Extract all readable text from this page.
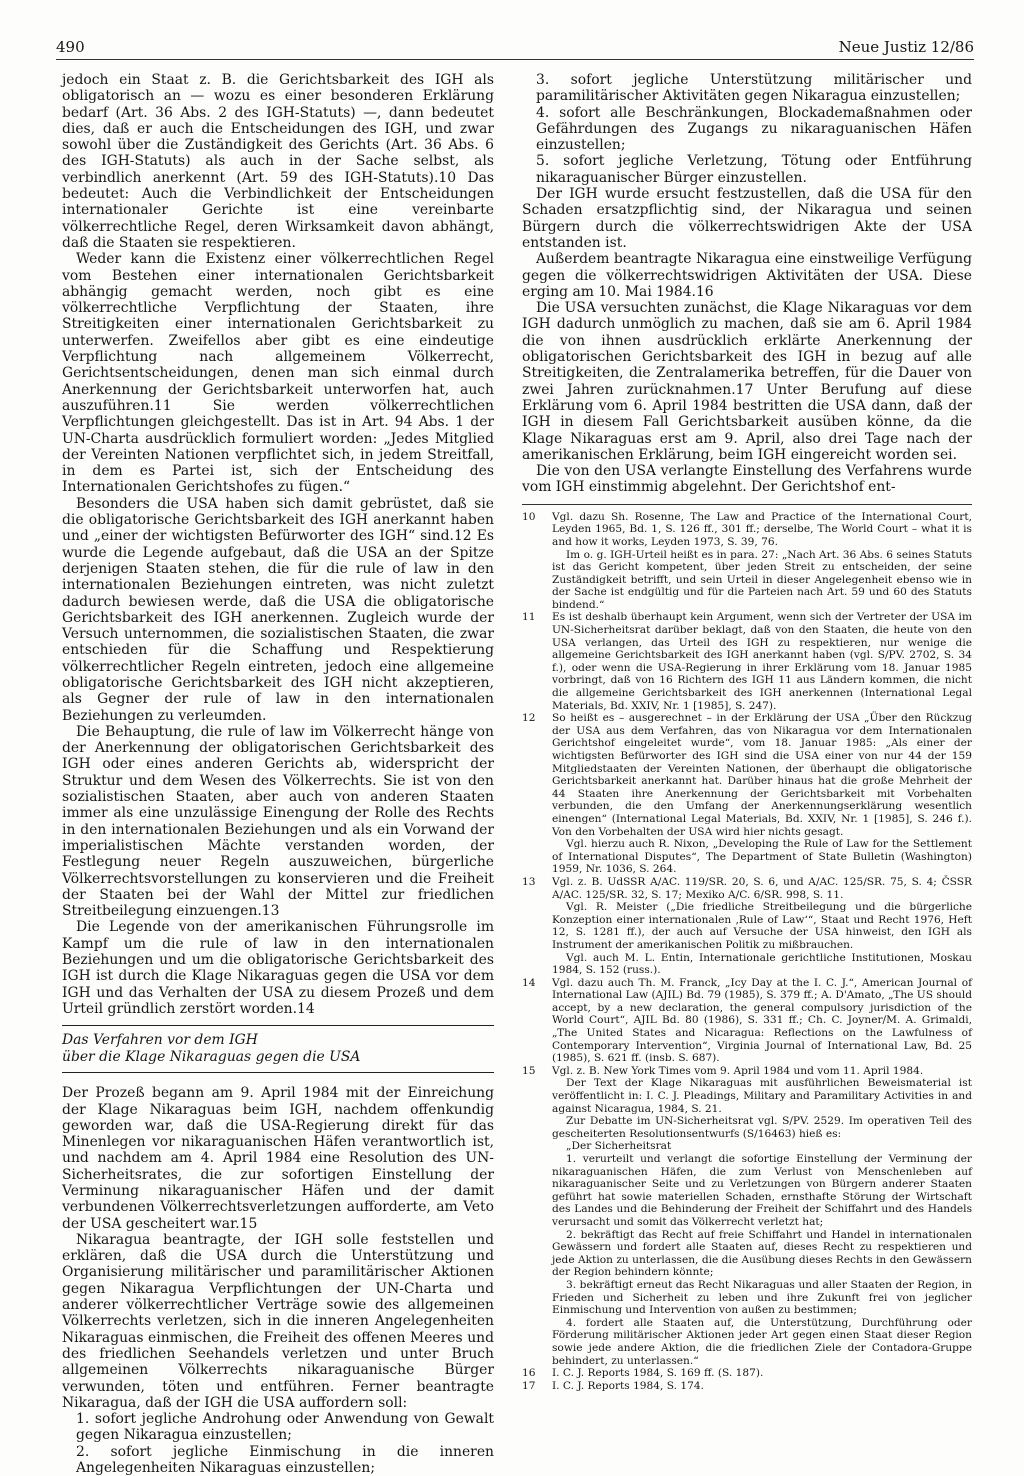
490	Neue Justiz 12/86

jedoch ein Staat z. B. die Gerichtsbarkeit des IGH als obligatorisch an — wozu es einer besonderen Erklärung bedarf (Art. 36 Abs. 2 des IGH-Statuts) —, dann bedeutet dies, daß er auch die Entscheidungen des IGH, und zwar sowohl über die Zuständigkeit des Gerichts (Art. 36 Abs. 6 des IGH-Statuts) als auch in der Sache selbst, als verbindlich anerkennt (Art. 59 des IGH-Statuts).10 Das bedeutet: Auch die Verbindlichkeit der Entscheidungen internationaler Gerichte ist eine vereinbarte völkerrechtliche Regel, deren Wirksamkeit davon abhängt, daß die Staaten sie respektieren.

Weder kann die Existenz einer völkerrechtlichen Regel vom Bestehen einer internationalen Gerichtsbarkeit abhängig gemacht werden, noch gibt es eine völkerrechtliche Verpflichtung der Staaten, ihre Streitigkeiten einer internationalen Gerichtsbarkeit zu unterwerfen. Zweifellos aber gibt es eine eindeutige Verpflichtung nach allgemeinem Völkerrecht, Gerichtsentscheidungen, denen man sich einmal durch Anerkennung der Gerichtsbarkeit unterworfen hat, auch auszuführen.11 Sie werden völkerrechtlichen Verpflichtungen gleichgestellt. Das ist in Art. 94 Abs. 1 der UN-Charta ausdrücklich formuliert worden: „Jedes Mitglied der Vereinten Nationen verpflichtet sich, in jedem Streitfall, in dem es Partei ist, sich der Entscheidung des Internationalen Gerichtshofes zu fügen.“

Besonders die USA haben sich damit gebrüstet, daß sie die obligatorische Gerichtsbarkeit des IGH anerkannt haben und „einer der wichtigsten Befürworter des IGH“ sind.12 Es wurde die Legende aufgebaut, daß die USA an der Spitze derjenigen Staaten stehen, die für die rule of law in den internationalen Beziehungen eintreten, was nicht zuletzt dadurch bewiesen werde, daß die USA die obligatorische Gerichtsbarkeit des IGH anerkennen. Zugleich wurde der Versuch unternommen, die sozialistischen Staaten, die zwar entschieden für die Schaffung und Respektierung völkerrechtlicher Regeln eintreten, jedoch eine allgemeine obligatorische Gerichtsbarkeit des IGH nicht akzeptieren, als Gegner der rule of law in den internationalen Beziehungen zu verleumden.

Die Behauptung, die rule of law im Völkerrecht hänge von der Anerkennung der obligatorischen Gerichtsbarkeit des IGH oder eines anderen Gerichts ab, widerspricht der Struktur und dem Wesen des Völkerrechts. Sie ist von den sozialistischen Staaten, aber auch von anderen Staaten immer als eine unzulässige Einengung der Rolle des Rechts in den internationalen Beziehungen und als ein Vorwand der imperialistischen Mächte verstanden worden, der Festlegung neuer Regeln auszuweichen, bürgerliche Völkerrechtsvorstellungen zu konservieren und die Freiheit der Staaten bei der Wahl der Mittel zur friedlichen Streitbeilegung einzuengen.13

Die Legende von der amerikanischen Führungsrolle im Kampf um die rule of law in den internationalen Beziehungen und um die obligatorische Gerichtsbarkeit des IGH ist durch die Klage Nikaraguas gegen die USA vor dem IGH und das Verhalten der USA zu diesem Prozeß und dem Urteil gründlich zerstört worden.14

Das Verfahren vor dem IGH
über die Klage Nikaraguas gegen die USA

Der Prozeß begann am 9. April 1984 mit der Einreichung der Klage Nikaraguas beim IGH, nachdem offenkundig geworden war, daß die USA-Regierung direkt für das Minenlegen vor nikaraguanischen Häfen verantwortlich ist, und nachdem am 4. April 1984 eine Resolution des UN-Sicherheitsrates, die zur sofortigen Einstellung der Verminung nikaraguanischer Häfen und der damit verbundenen Völkerrechtsverletzungen aufforderte, am Veto der USA gescheitert war.15

Nikaragua beantragte, der IGH solle feststellen und erklären, daß die USA durch die Unterstützung und Organisierung militärischer und paramilitärischer Aktionen gegen Nikaragua Verpflichtungen der UN-Charta und anderer völkerrechtlicher Verträge sowie des allgemeinen Völkerrechts verletzen, sich in die inneren Angelegenheiten Nikaraguas einmischen, die Freiheit des offenen Meeres und des friedlichen Seehandels verletzen und unter Bruch allgemeinen Völkerrechts nikaraguanische Bürger verwunden, töten und entführen. Ferner beantragte Nikaragua, daß der IGH die USA auffordern soll:

1. sofort jegliche Androhung oder Anwendung von Gewalt gegen Nikaragua einzustellen;

2. sofort jegliche Einmischung in die inneren Angelegenheiten Nikaraguas einzustellen;

3. sofort jegliche Unterstützung militärischer und paramilitärischer Aktivitäten gegen Nikaragua einzustellen;

4. sofort alle Beschränkungen, Blockademaßnahmen oder Gefährdungen des Zugangs zu nikaraguanischen Häfen einzustellen;

5. sofort jegliche Verletzung, Tötung oder Entführung nikaraguanischer Bürger einzustellen.

Der IGH wurde ersucht festzustellen, daß die USA für den Schaden ersatzpflichtig sind, der Nikaragua und seinen Bürgern durch die völkerrechtswidrigen Akte der USA entstanden ist.

Außerdem beantragte Nikaragua eine einstweilige Verfügung gegen die völkerrechtswidrigen Aktivitäten der USA. Diese erging am 10. Mai 1984.16

Die USA versuchten zunächst, die Klage Nikaraguas vor dem IGH dadurch unmöglich zu machen, daß sie am 6. April 1984 die von ihnen ausdrücklich erklärte Anerkennung der obligatorischen Gerichtsbarkeit des IGH in bezug auf alle Streitigkeiten, die Zentralamerika betreffen, für die Dauer von zwei Jahren zurücknahmen.17 Unter Berufung auf diese Erklärung vom 6. April 1984 bestritten die USA dann, daß der IGH in diesem Fall Gerichtsbarkeit ausüben könne, da die Klage Nikaraguas erst am 9. April, also drei Tage nach der amerikanischen Erklärung, beim IGH eingereicht worden sei.

Die von den USA verlangte Einstellung des Verfahrens wurde vom IGH einstimmig abgelehnt. Der Gerichtshof ent-

10	Vgl. dazu Sh. Rosenne, The Law and Practice of the International Court, Leyden 1965, Bd. 1, S. 126 ff., 301 ff.; derselbe, The World Court – what it is and how it works, Leyden 1973, S. 39, 76.

Im o. g. IGH-Urteil heißt es in para. 27: „Nach Art. 36 Abs. 6 seines Statuts ist das Gericht kompetent, über jeden Streit zu entscheiden, der seine Zuständigkeit betrifft, und sein Urteil in dieser Angelegenheit ebenso wie in der Sache ist endgültig und für die Parteien nach Art. 59 und 60 des Statuts bindend.“

11	Es ist deshalb überhaupt kein Argument, wenn sich der Vertreter der USA im UN-Sicherheitsrat darüber beklagt, daß von den Staaten, die heute von den USA verlangen, das Urteil des IGH zu respektieren, nur wenige die allgemeine Gerichtsbarkeit des IGH anerkannt haben (vgl. S/PV. 2702, S. 34 f.), oder wenn die USA-Regierung in ihrer Erklärung vom 18. Januar 1985 vorbringt, daß von 16 Richtern des IGH 11 aus Ländern kommen, die nicht die allgemeine Gerichtsbarkeit des IGH anerkennen (International Legal Materials, Bd. XXIV, Nr. 1 [1985], S. 247).

12	So heißt es – ausgerechnet – in der Erklärung der USA „Über den Rückzug der USA aus dem Verfahren, das von Nikaragua vor dem Internationalen Gerichtshof eingeleitet wurde“, vom 18. Januar 1985: „Als einer der wichtigsten Befürworter des IGH sind die USA einer von nur 44 der 159 Mitgliedstaaten der Vereinten Nationen, der überhaupt die obligatorische Gerichtsbarkeit anerkannt hat. Darüber hinaus hat die große Mehrheit der 44 Staaten ihre Anerkennung der Gerichtsbarkeit mit Vorbehalten verbunden, die den Umfang der Anerkennungserklärung wesentlich einengen“ (International Legal Materials, Bd. XXIV, Nr. 1 [1985], S. 246 f.). Von den Vorbehalten der USA wird hier nichts gesagt.

Vgl. hierzu auch R. Nixon, „Developing the Rule of Law for the Settlement of International Disputes“, The Department of State Bulletin (Washington) 1959, Nr. 1036, S. 264.

13	Vgl. z. B. UdSSR A/AC. 119/SR. 20, S. 6, und A/AC. 125/SR. 75, S. 4; ČSSR A/AC. 125/SR. 32, S. 17; Mexiko A/C. 6/SR. 998, S. 11.

Vgl. R. Meister („Die friedliche Streitbeilegung und die bürgerliche Konzeption einer internationalen ‚Rule of Law‘“, Staat und Recht 1976, Heft 12, S. 1281 ff.), der auch auf Versuche der USA hinweist, den IGH als Instrument der amerikanischen Politik zu mißbrauchen.

Vgl. auch M. L. Entin, Internationale gerichtliche Institutionen, Moskau 1984, S. 152 (russ.).

14	Vgl. dazu auch Th. M. Franck, „Icy Day at the I. C. J.“, American Journal of International Law (AJIL) Bd. 79 (1985), S. 379 ff.; A. D'Amato, „The US should accept, by a new declaration, the general compulsory jurisdiction of the World Court“, AJIL Bd. 80 (1986), S. 331 ff.; Ch. C. Joyner/M. A. Grimaldi, „The United States and Nicaragua: Reflections on the Lawfulness of Contemporary Intervention“, Virginia Journal of International Law, Bd. 25 (1985), S. 621 ff. (insb. S. 687).

15	Vgl. z. B. New York Times vom 9. April 1984 und vom 11. April 1984.

Der Text der Klage Nikaraguas mit ausführlichen Beweismaterial ist veröffentlicht in: I. C. J. Pleadings, Military and Paramilitary Activities in and against Nicaragua, 1984, S. 21.

Zur Debatte im UN-Sicherheitsrat vgl. S/PV. 2529. Im operativen Teil des gescheiterten Resolutionsentwurfs (S/16463) hieß es:

„Der Sicherheitsrat

1. verurteilt und verlangt die sofortige Einstellung der Verminung der nikaraguanischen Häfen, die zum Verlust von Menschenleben auf nikaraguanischer Seite und zu Verletzungen von Bürgern anderer Staaten geführt hat sowie materiellen Schaden, ernsthafte Störung der Wirtschaft des Landes und die Behinderung der Freiheit der Schiffahrt und des Handels verursacht und somit das Völkerrecht verletzt hat;

2. bekräftigt das Recht auf freie Schiffahrt und Handel in internationalen Gewässern und fordert alle Staaten auf, dieses Recht zu respektieren und jede Aktion zu unterlassen, die die Ausübung dieses Rechts in den Gewässern der Region behindern könnte;

3. bekräftigt erneut das Recht Nikaraguas und aller Staaten der Region, in Frieden und Sicherheit zu leben und ihre Zukunft frei von jeglicher Einmischung und Intervention von außen zu bestimmen;

4. fordert alle Staaten auf, die Unterstützung, Durchführung oder Förderung militärischer Aktionen jeder Art gegen einen Staat dieser Region sowie jede andere Aktion, die die friedlichen Ziele der Contadora-Gruppe behindert, zu unterlassen.“

16	I. C. J. Reports 1984, S. 169 ff. (S. 187).

17	I. C. J. Reports 1984, S. 174.
